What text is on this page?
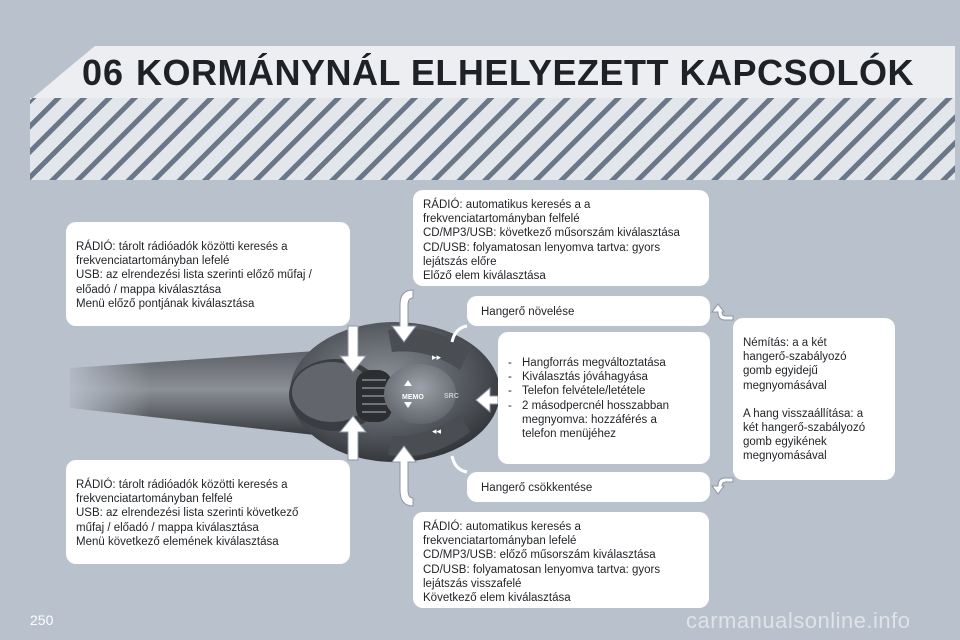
06 KORMÁNYNÁL ELHELYEZETT KAPCSOLÓK
MEMO	SRC
▸▸
◂◂
RÁDIÓ: tárolt rádióadók közötti keresés a
frekvenciatartományban lefelé
USB: az elrendezési lista szerinti előző műfaj /
előadó / mappa kiválasztása
Menü előző pontjának kiválasztása
RÁDIÓ: tárolt rádióadók közötti keresés a
frekvenciatartományban felfelé
USB: az elrendezési lista szerinti következő
műfaj / előadó / mappa kiválasztása
Menü következő elemének kiválasztása
RÁDIÓ: automatikus keresés a a
frekvenciatartományban felfelé
CD/MP3/USB: következő műsorszám kiválasztása
CD/USB: folyamatosan lenyomva tartva: gyors
lejátszás előre
Előző elem kiválasztása
Hangerő növelése
- Hangforrás megváltoztatása
- Kiválasztás jóváhagyása
- Telefon felvétele/letétele
- 2 másodpercnél hosszabban
megnyomva: hozzáférés a
telefon menüjéhez
Hangerő csökkentése
RÁDIÓ: automatikus keresés a
frekvenciatartományban lefelé
CD/MP3/USB: előző műsorszám kiválasztása
CD/USB: folyamatosan lenyomva tartva: gyors
lejátszás visszafelé
Következő elem kiválasztása
Némítás: a a két
hangerő-szabályozó
gomb egyidejű
megnyomásával
A hang visszaállítása: a
két hangerő-szabályozó
gomb egyikének
megnyomásával
250	carmanualsonline.info
